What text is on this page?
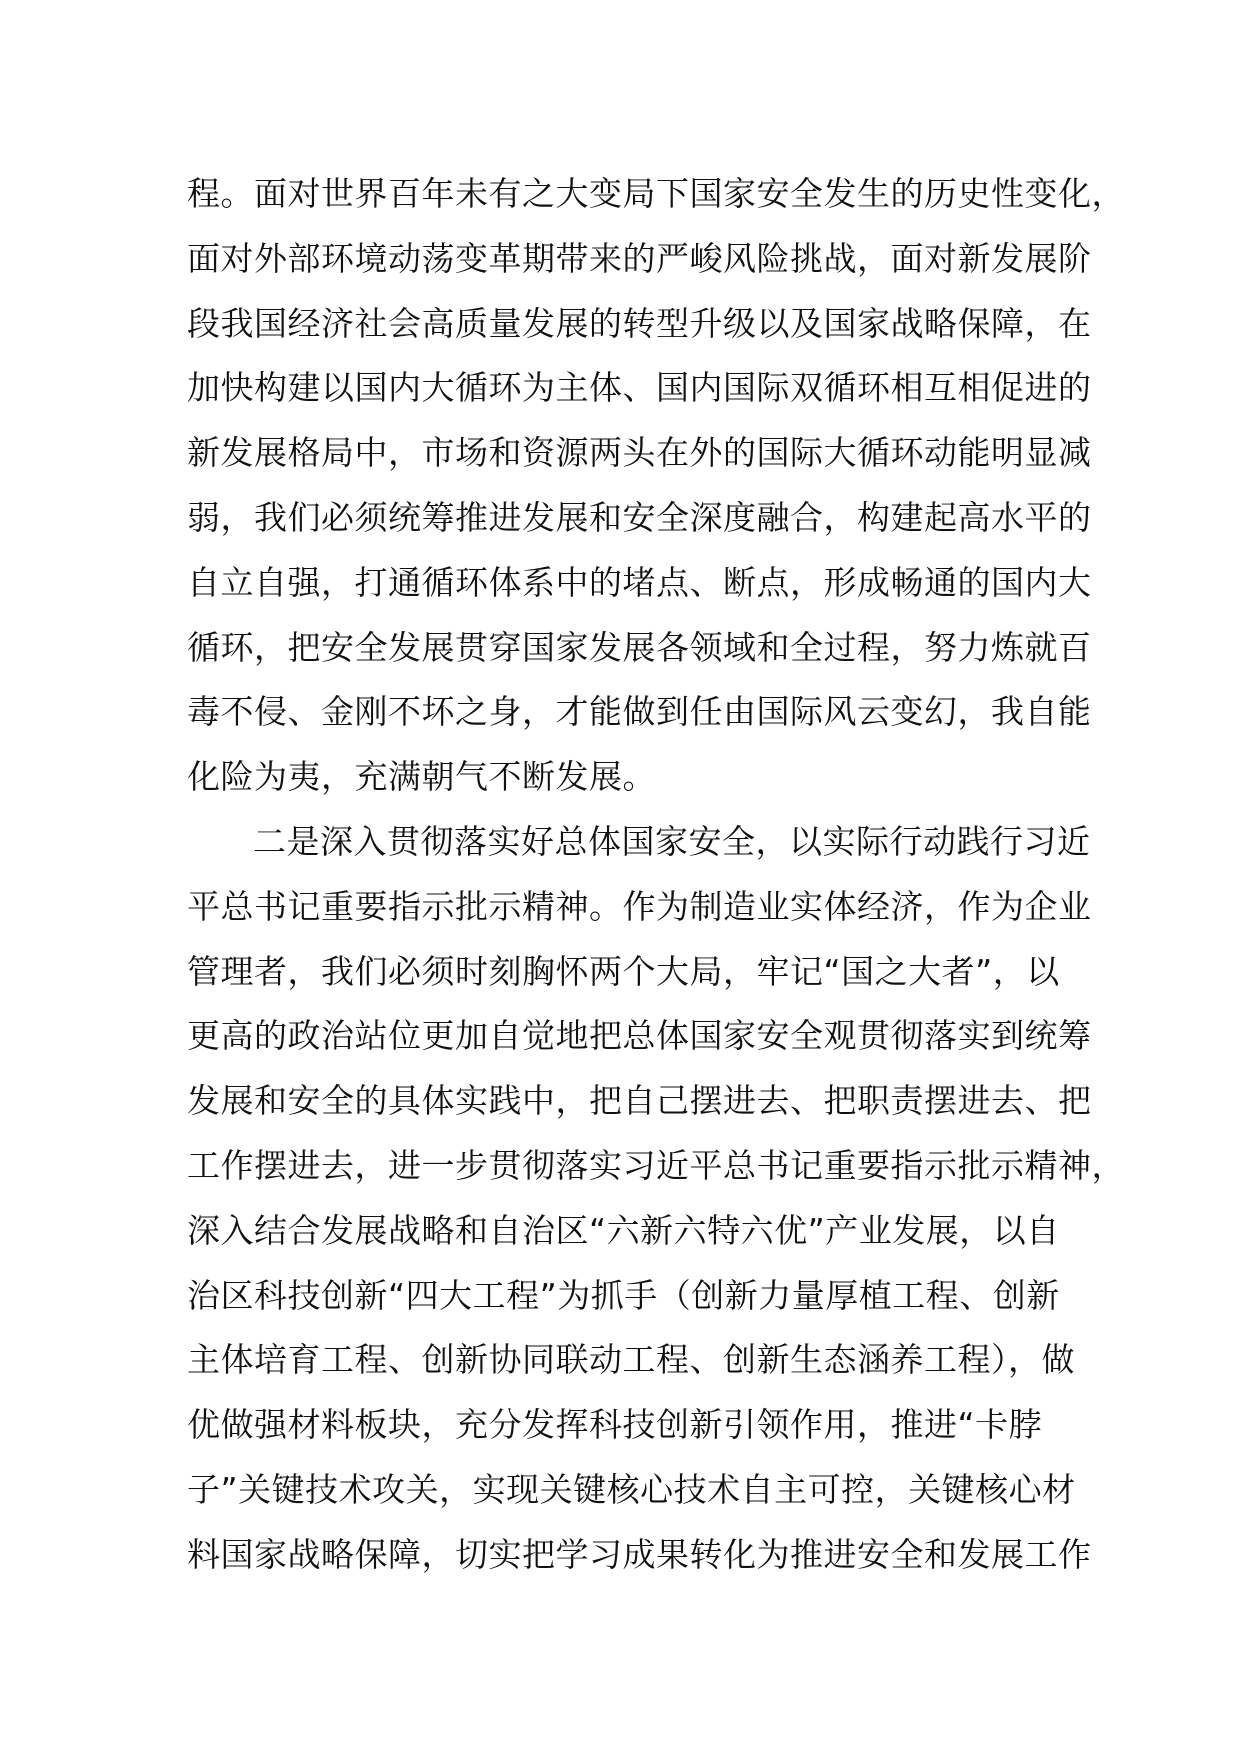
程。面对世界百年未有之大变局下国家安全发生的历史性变化，
面对外部环境动荡变革期带来的严峻风险挑战，面对新发展阶
段我国经济社会高质量发展的转型升级以及国家战略保障，在
加快构建以国内大循环为主体、国内国际双循环相互相促进的
新发展格局中，市场和资源两头在外的国际大循环动能明显减
弱，我们必须统筹推进发展和安全深度融合，构建起高水平的
自立自强，打通循环体系中的堵点、断点，形成畅通的国内大
循环，把安全发展贯穿国家发展各领域和全过程，努力炼就百
毒不侵、金刚不坏之身，才能做到任由国际风云变幻，我自能
化险为夷，充满朝气不断发展。
二是深入贯彻落实好总体国家安全，以实际行动践行习近
平总书记重要指示批示精神。作为制造业实体经济，作为企业
管理者，我们必须时刻胸怀两个大局，牢记“国之大者”，以
更高的政治站位更加自觉地把总体国家安全观贯彻落实到统筹
发展和安全的具体实践中，把自己摆进去、把职责摆进去、把
工作摆进去，进一步贯彻落实习近平总书记重要指示批示精神，
深入结合发展战略和自治区“六新六特六优”产业发展，以自
治区科技创新“四大工程”为抓手（创新力量厚植工程、创新
主体培育工程、创新协同联动工程、创新生态涵养工程），做
优做强材料板块，充分发挥科技创新引领作用，推进“卡脖
子”关键技术攻关，实现关键核心技术自主可控，关键核心材
料国家战略保障，切实把学习成果转化为推进安全和发展工作
